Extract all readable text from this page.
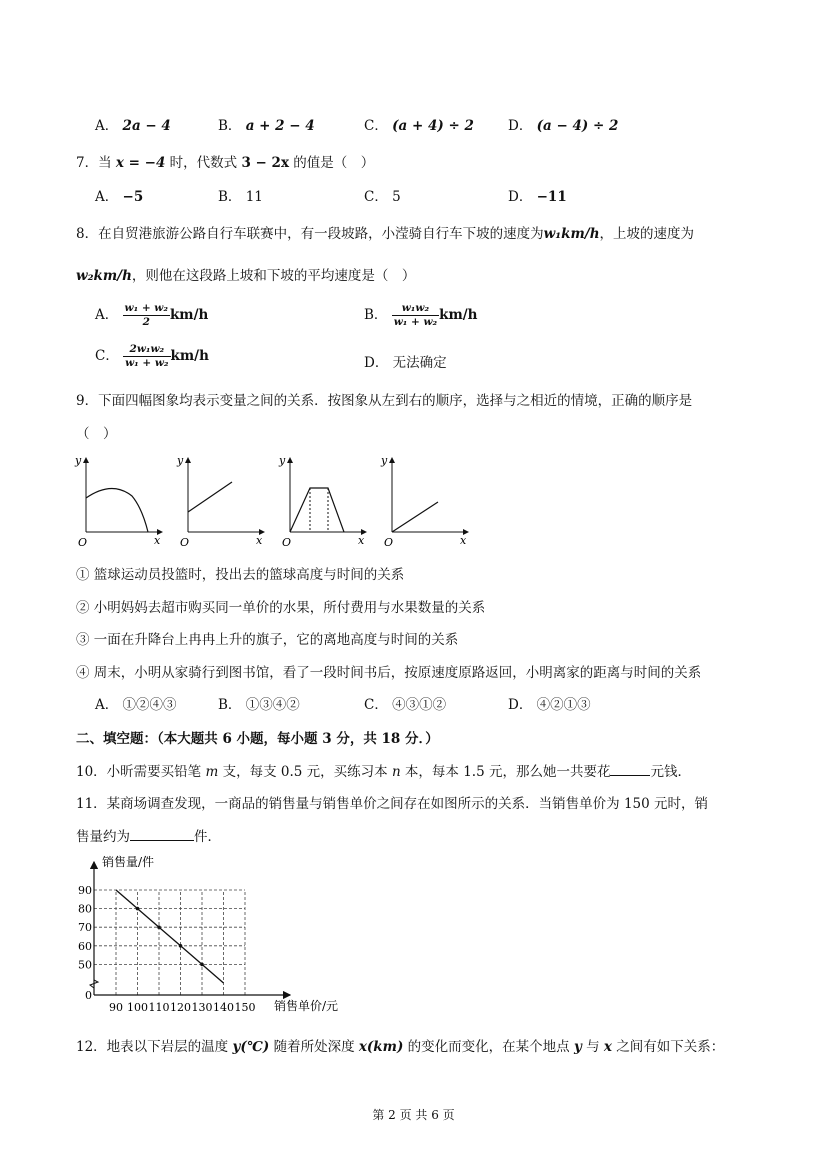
A． 2a − 4	B． a + 2 − 4	C． (a + 4) ÷ 2	D． (a − 4) ÷ 2
7．当 x = −4 时，代数式 3 − 2x 的值是（　）
A． −5	B． 11	C． 5	D． −11
8．在自贸港旅游公路自行车联赛中，有一段坡路，小滢骑自行车下坡的速度为w₁km/h，上坡的速度为
w₂km/h，则他在这段路上坡和下坡的平均速度是（　）
A． $\frac{\text{w₁ + w₂}}{2} km/h$	B． $\frac{\text{w₁w₂}}{\text{w₁ + w₂}} km/h$
C． $\frac{\text{2w₁w₂}}{\text{w₁ + w₂}} km/h$	D． 无法确定
9．下面四幅图象均表示变量之间的关系．按图象从左到右的顺序，选择与之相近的情境，正确的顺序是
（　）
y
x
O
y
x
O
y
x
O
y
x
O
① 篮球运动员投篮时，投出去的篮球高度与时间的关系
② 小明妈妈去超市购买同一单价的水果，所付费用与水果数量的关系
③ 一面在升降台上冉冉上升的旗子，它的离地高度与时间的关系
④ 周末，小明从家骑行到图书馆，看了一段时间书后，按原速度原路返回，小明离家的距离与时间的关系
A． ①②④③	B． ①③④②	C． ④③①②	D． ④②①③
二、填空题：（本大题共 6 小题，每小题 3 分，共 18 分．）
10．小昕需要买铅笔 m 支，每支 0.5 元，买练习本 n 本，每本 1.5 元，那么她一共要花	元钱．
11．某商场调查发现，一商品的销售量与销售单价之间存在如图所示的关系．当销售单价为 150 元时，销
售量约为	件．
0
50
60
70
80
90
90 100 110 120 130 140 150
销售量/件
销售单价/元
12．地表以下岩层的温度 y(℃) 随着所处深度 x(km) 的变化而变化，在某个地点 y 与 x 之间有如下关系：
第 2 页 共 6 页
